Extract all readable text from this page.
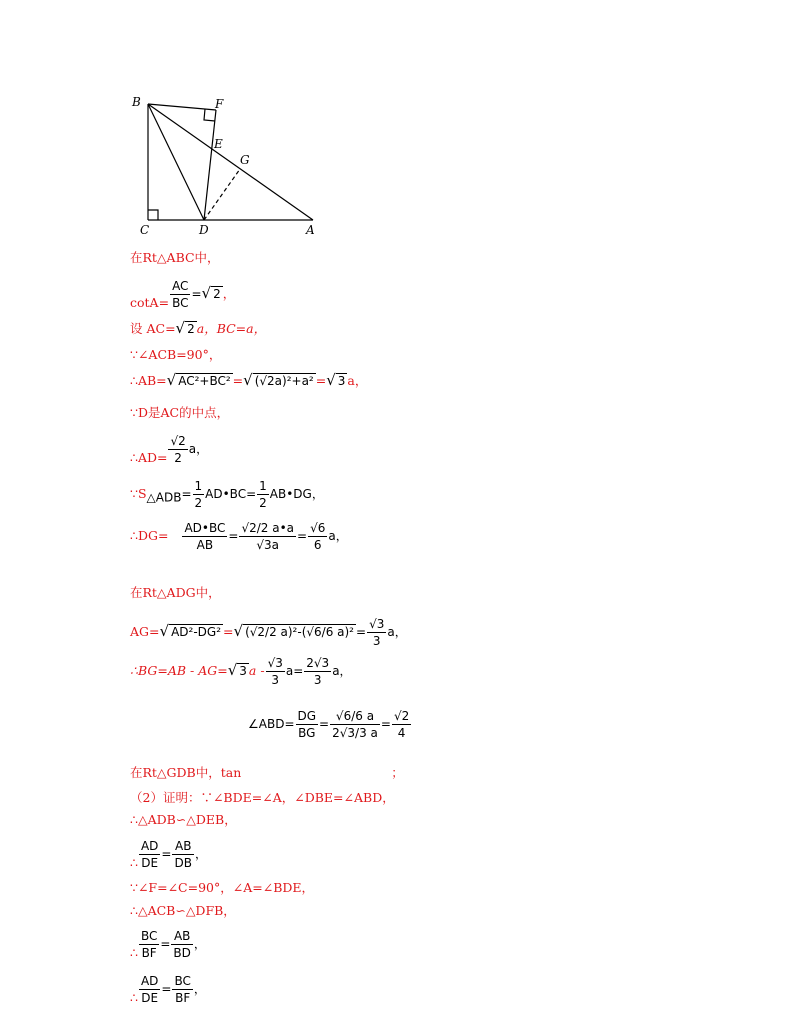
B	F
E
G
C	D	A
在Rt△ABC中，
$\cot A= \frac{AC}{BC}$ =√ 2 ，
设 AC=√ 2 a，BC=a，
∵∠ACB=90°，
∴AB=√ AC²+BC² =√ (√2a)²+a² =√ 3 a，
∵D是AC的中点，
∴AD= $\frac{√2}{2}$ a，
$\because S_{\triangle ADB}= \frac{1}{2}$ AD•BC= $\frac{1}{2}$ AB•DG，
∴DG= $\frac{AD•BC}{AB} = \frac{√2/2 a•a}{√3a} = \frac{√6}{6}$ a，
在Rt△ADG中，
AG=√ AD²-DG² =√ (√2/2 a)²-(√6/6 $a)^2 = \frac{√3}{3}$ a，
∴BG=AB - AG=√ 3 $a - \frac{√3}{3} a= \frac{2√3}{3}$ a，
∠ABD= $\frac{DG}{BG} = \frac{√6/6 a}{2√3/3 a} = \frac{√2}{4}$
在Rt△GDB中，tan	；
（2）证明：∵∠BDE=∠A，∠DBE=∠ABD，
∴△ADB∽△DEB，
∴ $\frac{AD}{DE} = \frac{AB}{DB}$ ，
∵∠F=∠C=90°，∠A=∠BDE，
∴△ACB∽△DFB，
∴ $\frac{BC}{BF} = \frac{AB}{BD}$ ，
∴ $\frac{AD}{DE} = \frac{BC}{BF}$ ，
